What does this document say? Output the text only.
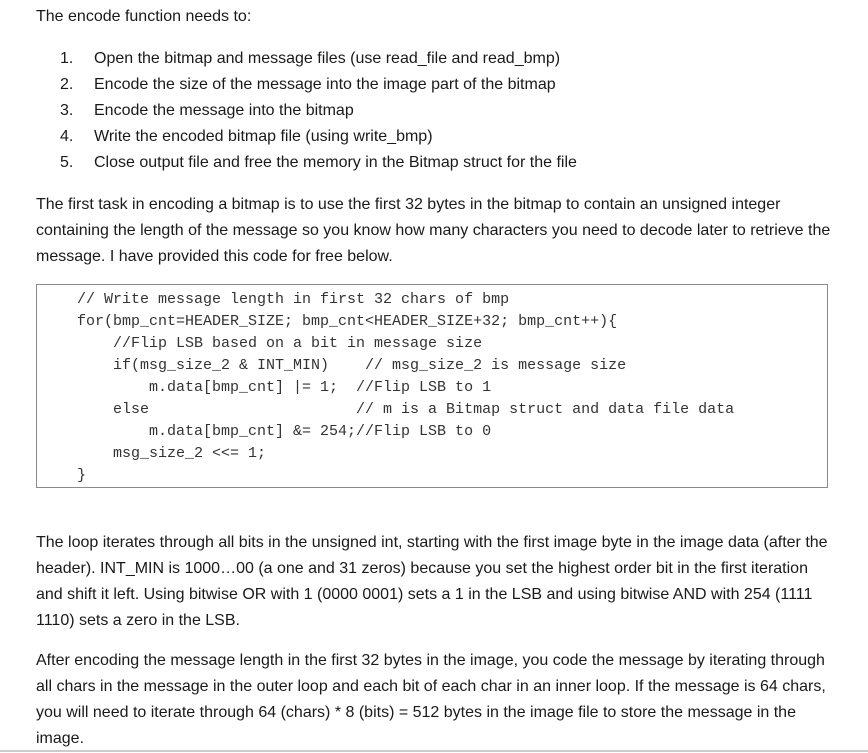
The encode function needs to:
1. Open the bitmap and message files (use read_file and read_bmp)
2. Encode the size of the message into the image part of the bitmap
3. Encode the message into the bitmap
4. Write the encoded bitmap file (using write_bmp)
5. Close output file and free the memory in the Bitmap struct for the file
The first task in encoding a bitmap is to use the first 32 bytes in the bitmap to contain an unsigned integer containing the length of the message so you know how many characters you need to decode later to retrieve the message. I have provided this code for free below.
// Write message length in first 32 chars of bmp
for(bmp_cnt=HEADER_SIZE; bmp_cnt<HEADER_SIZE+32; bmp_cnt++){
//Flip LSB based on a bit in message size
if(msg_size_2 & INT_MIN)    // msg_size_2 is message size
m.data[bmp_cnt] |= 1;  //Flip LSB to 1
else                       // m is a Bitmap struct and data file data
m.data[bmp_cnt] &= 254;//Flip LSB to 0
msg_size_2 <<= 1;
}
The loop iterates through all bits in the unsigned int, starting with the first image byte in the image data (after the header). INT_MIN is 1000…00 (a one and 31 zeros) because you set the highest order bit in the first iteration and shift it left. Using bitwise OR with 1 (0000 0001) sets a 1 in the LSB and using bitwise AND with 254 (1111 1110) sets a zero in the LSB.
After encoding the message length in the first 32 bytes in the image, you code the message by iterating through all chars in the message in the outer loop and each bit of each char in an inner loop. If the message is 64 chars, you will need to iterate through 64 (chars) * 8 (bits) = 512 bytes in the image file to store the message in the image.
